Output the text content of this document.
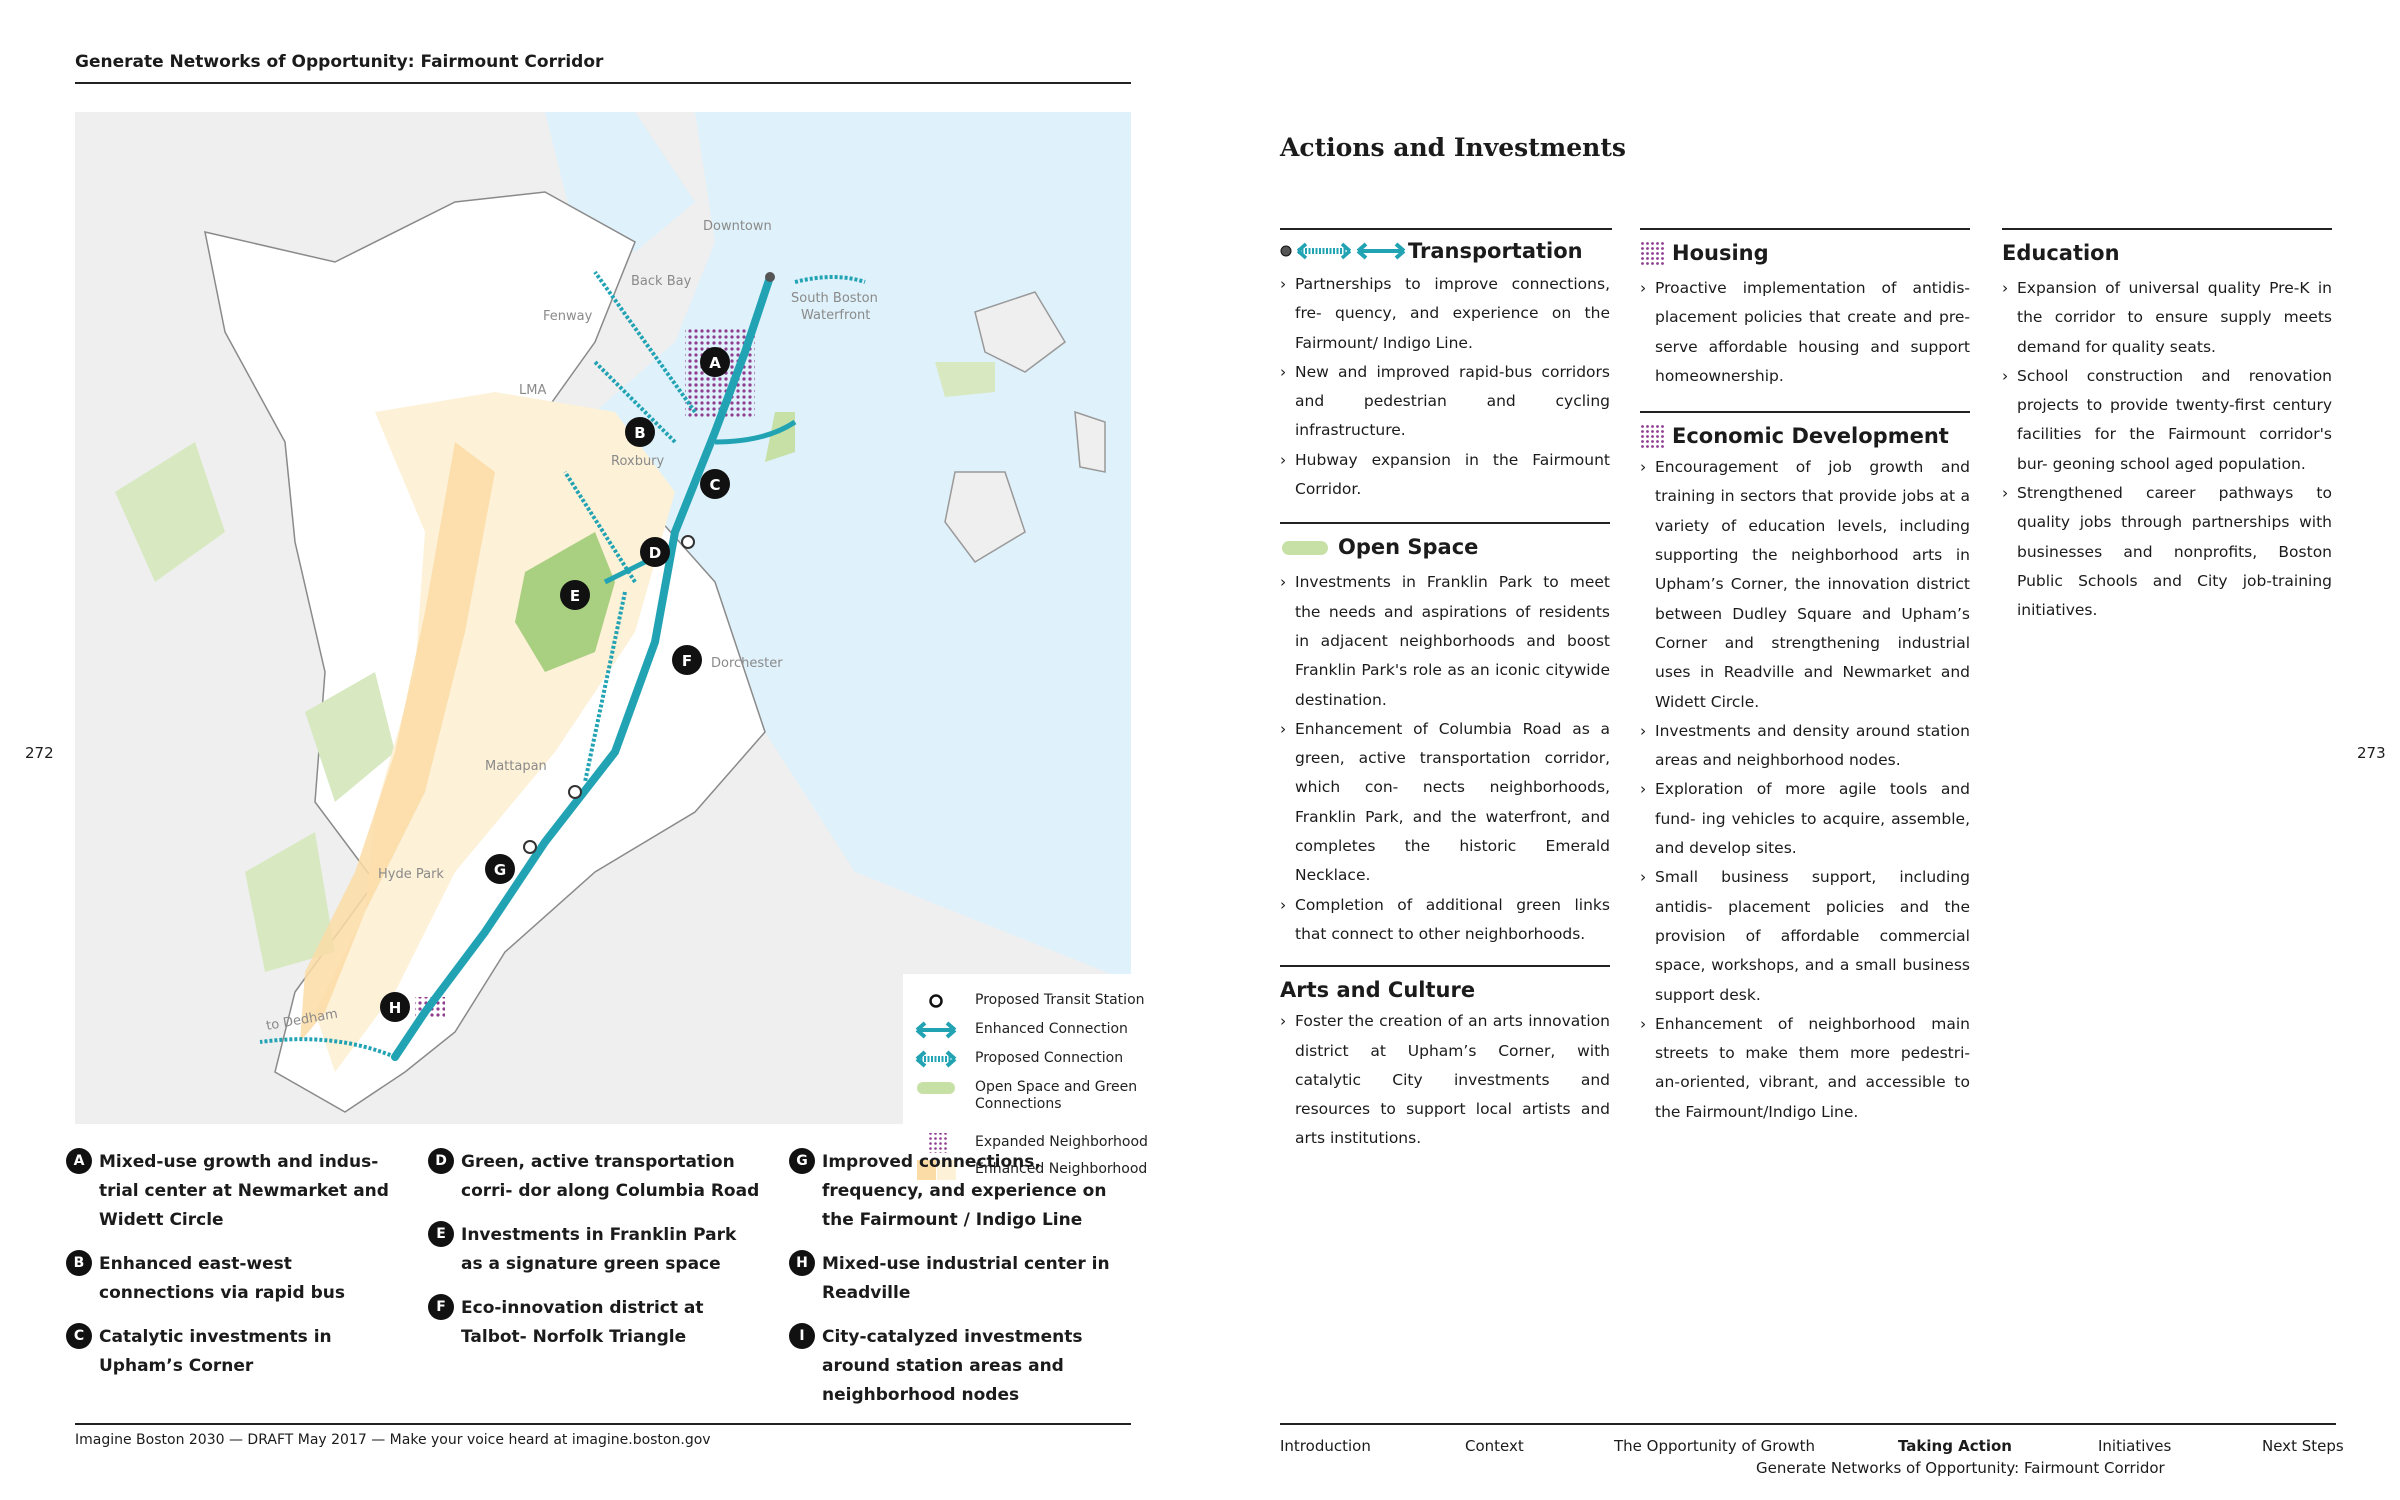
Generate Networks of Opportunity: Fairmount Corridor
272
A
B
C
D
E
F
G
H
Downtown
Back Bay
Fenway
South Boston
Waterfront
LMA
Roxbury
Dorchester
Mattapan
Hyde Park
to Dedham
Proposed Transit Station
Enhanced Connection
Proposed Connection
Open Space and Green Connections
Expanded Neighborhood
Enhanced Neighborhood
A Mixed-use growth and indus- trial center at Newmarket and Widett Circle
B Enhanced east-west connections via rapid bus
C Catalytic investments in Upham’s Corner
D Green, active transportation corri- dor along Columbia Road
E Investments in Franklin Park as a signature green space
F Eco-innovation district at Talbot- Norfolk Triangle
G Improved connections, frequency, and experience on the Fairmount / Indigo Line
H Mixed-use industrial center in Readville
I	City-catalyzed investments around station areas and neighborhood nodes
Imagine Boston 2030 — DRAFT May 2017 — Make your voice heard at imagine.boston.gov
273
Actions and Investments
Transportation
› Partnerships to improve connections, fre- quency, and experience on the Fairmount/ Indigo Line.
› New and improved rapid-bus corridors and pedestrian and cycling infrastructure.
› Hubway expansion in the Fairmount Corridor.
Open Space
› Investments in Franklin Park to meet the needs and aspirations of residents in adjacent neighborhoods and boost Franklin Park's role as an iconic citywide destination.
› Enhancement of Columbia Road as a green, active transportation corridor, which con- nects neighborhoods, Franklin Park, and the waterfront, and completes the historic Emerald Necklace.
› Completion of additional green links that connect to other neighborhoods.
Arts and Culture
› Foster the creation of an arts innovation district at Upham’s Corner, with catalytic City investments and resources to support local artists and arts institutions.
Housing
› Proactive implementation of antidis- placement policies that create and pre- serve affordable housing and support homeownership.
Economic Development
› Encouragement of job growth and training in sectors that provide jobs at a variety of education levels, including supporting the neighborhood arts in Upham’s Corner, the innovation district between Dudley Square and Upham’s Corner and strengthening industrial uses in Readville and Newmarket and Widett Circle.
› Investments and density around station areas and neighborhood nodes.
› Exploration of more agile tools and fund- ing vehicles to acquire, assemble, and develop sites.
› Small business support, including antidis- placement policies and the provision of affordable commercial space, workshops, and a small business support desk.
› Enhancement of neighborhood main streets to make them more pedestri- an-oriented, vibrant, and accessible to the Fairmount/Indigo Line.
Education
› Expansion of universal quality Pre-K in the corridor to ensure supply meets demand for quality seats.
› School construction and renovation projects to provide twenty-first century facilities for the Fairmount corridor's bur- geoning school aged population.
› Strengthened career pathways to quality jobs through partnerships with businesses and nonprofits, Boston Public Schools and City job-training initiatives.
Introduction	Context	The Opportunity of Growth	Taking Action	Initiatives	Next Steps
Generate Networks of Opportunity: Fairmount Corridor
